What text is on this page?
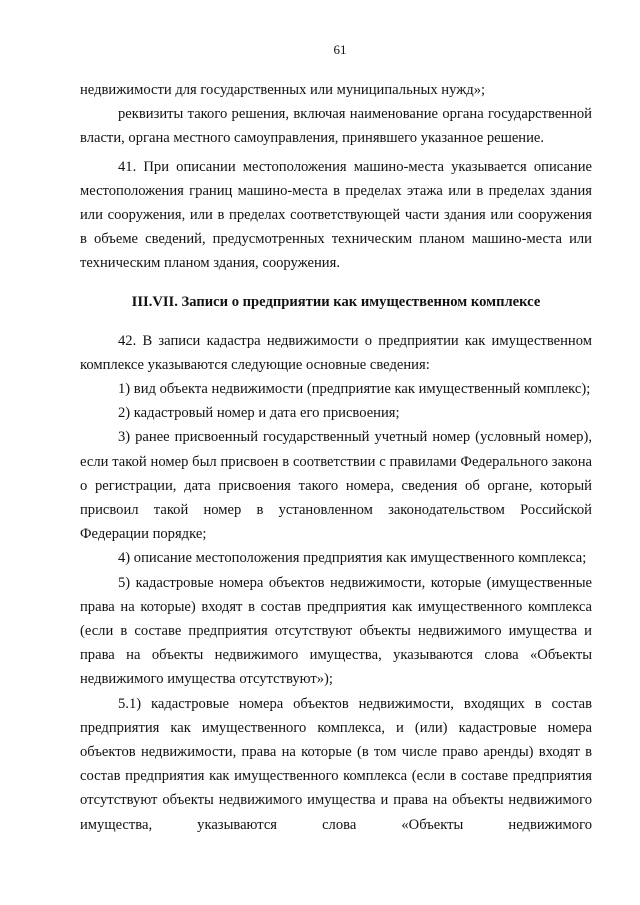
61

недвижимости для государственных или муниципальных нужд»;

реквизиты такого решения, включая наименование органа государственной власти, органа местного самоуправления, принявшего указанное решение.

41. При описании местоположения машино-места указывается описание местоположения границ машино-места в пределах этажа или в пределах здания или сооружения, или в пределах соответствующей части здания или сооружения в объеме сведений, предусмотренных техническим планом машино-места или техническим планом здания, сооружения.

III.VII. Записи о предприятии как имущественном комплексе

42. В записи кадастра недвижимости о предприятии как имущественном комплексе указываются следующие основные сведения:

1) вид объекта недвижимости (предприятие как имущественный комплекс);

2) кадастровый номер и дата его присвоения;

3) ранее присвоенный государственный учетный номер (условный номер), если такой номер был присвоен в соответствии с правилами Федерального закона о регистрации, дата присвоения такого номера, сведения об органе, который присвоил такой номер в установленном законодательством Российской Федерации порядке;

4) описание местоположения предприятия как имущественного комплекса;

5) кадастровые номера объектов недвижимости, которые (имущественные права на которые) входят в состав предприятия как имущественного комплекса (если в составе предприятия отсутствуют объекты недвижимого имущества и права на объекты недвижимого имущества, указываются слова «Объекты недвижимого имущества отсутствуют»);

5.1) кадастровые номера объектов недвижимости, входящих в состав предприятия как имущественного комплекса, и (или) кадастровые номера объектов недвижимости, права на которые (в том числе право аренды) входят в состав предприятия как имущественного комплекса (если в составе предприятия отсутствуют объекты недвижимого имущества и права на объекты недвижимого имущества, указываются слова «Объекты недвижимого
